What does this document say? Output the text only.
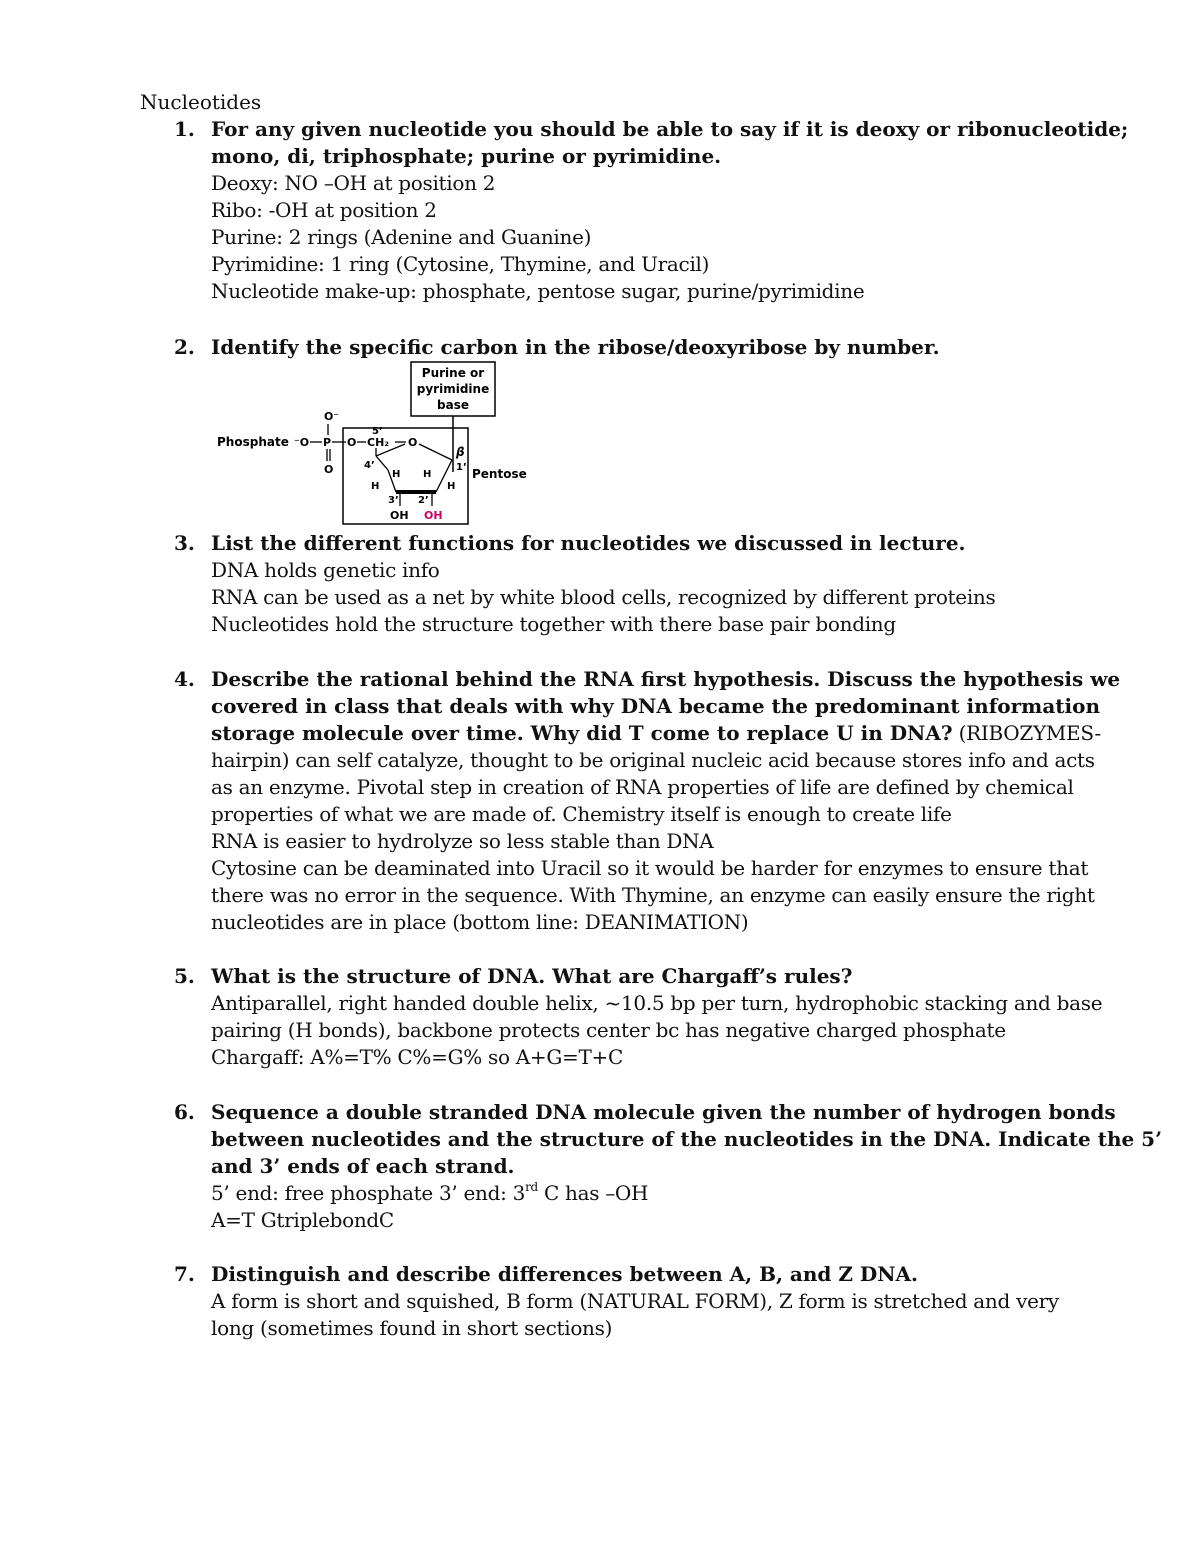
Nucleotides
1. For any given nucleotide you should be able to say if it is deoxy or ribonucleotide;
mono, di, triphosphate; purine or pyrimidine.
Deoxy: NO –OH at position 2
Ribo: -OH at position 2
Purine: 2 rings (Adenine and Guanine)
Pyrimidine: 1 ring (Cytosine, Thymine, and Uracil)
Nucleotide make-up: phosphate, pentose sugar, purine/pyrimidine
2. Identify the specific carbon in the ribose/deoxyribose by number.
Purine or
pyrimidine
base
Phosphate ⁻O P
O⁻
O
O CH₂
5’
O
4’	1’
β
H H
H	H
3’ 2’
OH OH
Pentose
3. List the different functions for nucleotides we discussed in lecture.
DNA holds genetic info
RNA can be used as a net by white blood cells, recognized by different proteins
Nucleotides hold the structure together with there base pair bonding
4. Describe the rational behind the RNA first hypothesis. Discuss the hypothesis we
covered in class that deals with why DNA became the predominant information
storage molecule over time. Why did T come to replace U in DNA? (RIBOZYMES-
hairpin) can self catalyze, thought to be original nucleic acid because stores info and acts
as an enzyme. Pivotal step in creation of RNA properties of life are defined by chemical
properties of what we are made of. Chemistry itself is enough to create life
RNA is easier to hydrolyze so less stable than DNA
Cytosine can be deaminated into Uracil so it would be harder for enzymes to ensure that
there was no error in the sequence. With Thymine, an enzyme can easily ensure the right
nucleotides are in place (bottom line: DEANIMATION)
5. What is the structure of DNA. What are Chargaff’s rules?
Antiparallel, right handed double helix, ~10.5 bp per turn, hydrophobic stacking and base
pairing (H bonds), backbone protects center bc has negative charged phosphate
Chargaff: A%=T% C%=G% so A+G=T+C
6. Sequence a double stranded DNA molecule given the number of hydrogen bonds
between nucleotides and the structure of the nucleotides in the DNA. Indicate the 5’
and 3’ ends of each strand.
5’ end: free phosphate 3’ end: 3rd C has –OH
A=T GtriplebondC
7. Distinguish and describe differences between A, B, and Z DNA.
A form is short and squished, B form (NATURAL FORM), Z form is stretched and very
long (sometimes found in short sections)
